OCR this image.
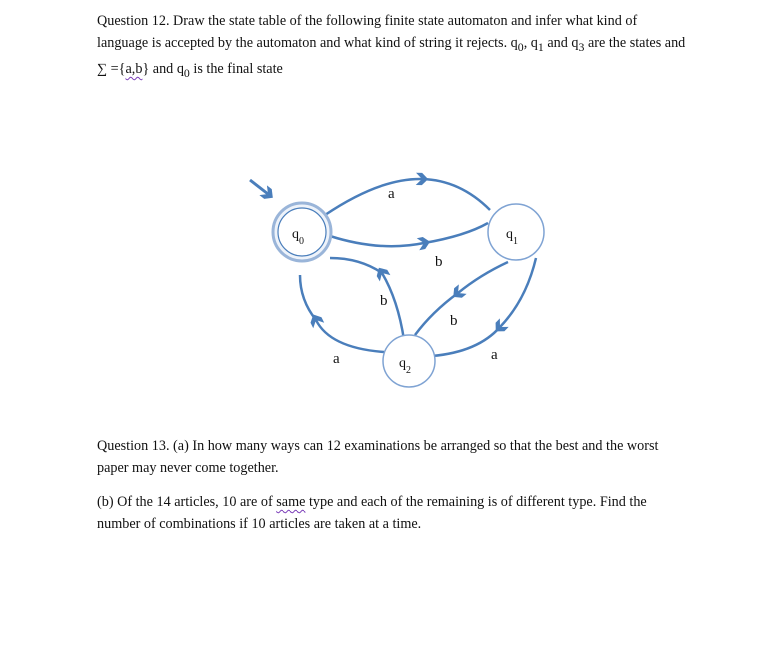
Question 12. Draw the state table of the following finite state automaton and infer what kind of language is accepted by the automaton and what kind of string it rejects. $q_0$, $q_1$ and $q_3$ are the states and ∑ ={a,b} and $q_0$ is the final state

$q_0$	$q_1$
$q_2$
a
b
b
b
a	a

Question 13. (a) In how many ways can 12 examinations be arranged so that the best and the worst paper may never come together.

(b) Of the 14 articles, 10 are of same type and each of the remaining is of different type. Find the number of combinations if 10 articles are taken at a time.
